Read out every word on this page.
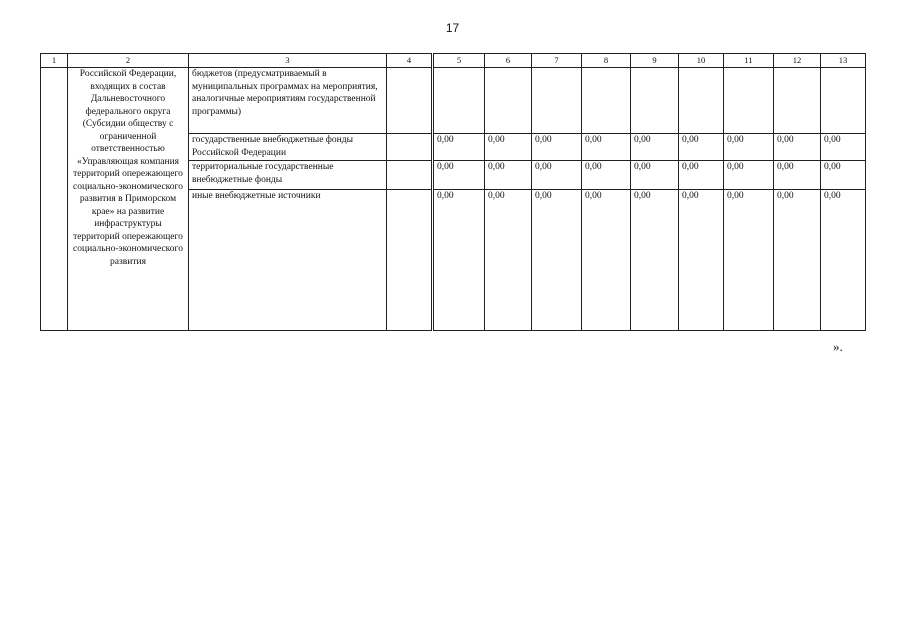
17
1	2	3	4	5	6	7	8	9	10	11	12	13
	Российской Федерации, входящих в состав Дальневосточного федерального округа (Субсидии обществу с ограниченной ответственностью «Управляющая компания территорий опережающего социально-экономического развития в Приморском крае» на развитие инфраструктуры территорий опережающего социально-экономического развития	бюджетов (предусматриваемый в муниципальных программах на мероприятия, аналогичные мероприятиям государственной программы)										
		государственные внебюджетные фонды Российской Федерации		0,00	0,00	0,00	0,00	0,00	0,00	0,00	0,00	0,00
		территориальные государственные внебюджетные фонды		0,00	0,00	0,00	0,00	0,00	0,00	0,00	0,00	0,00
		иные внебюджетные источники		0,00	0,00	0,00	0,00	0,00	0,00	0,00	0,00	0,00
».
